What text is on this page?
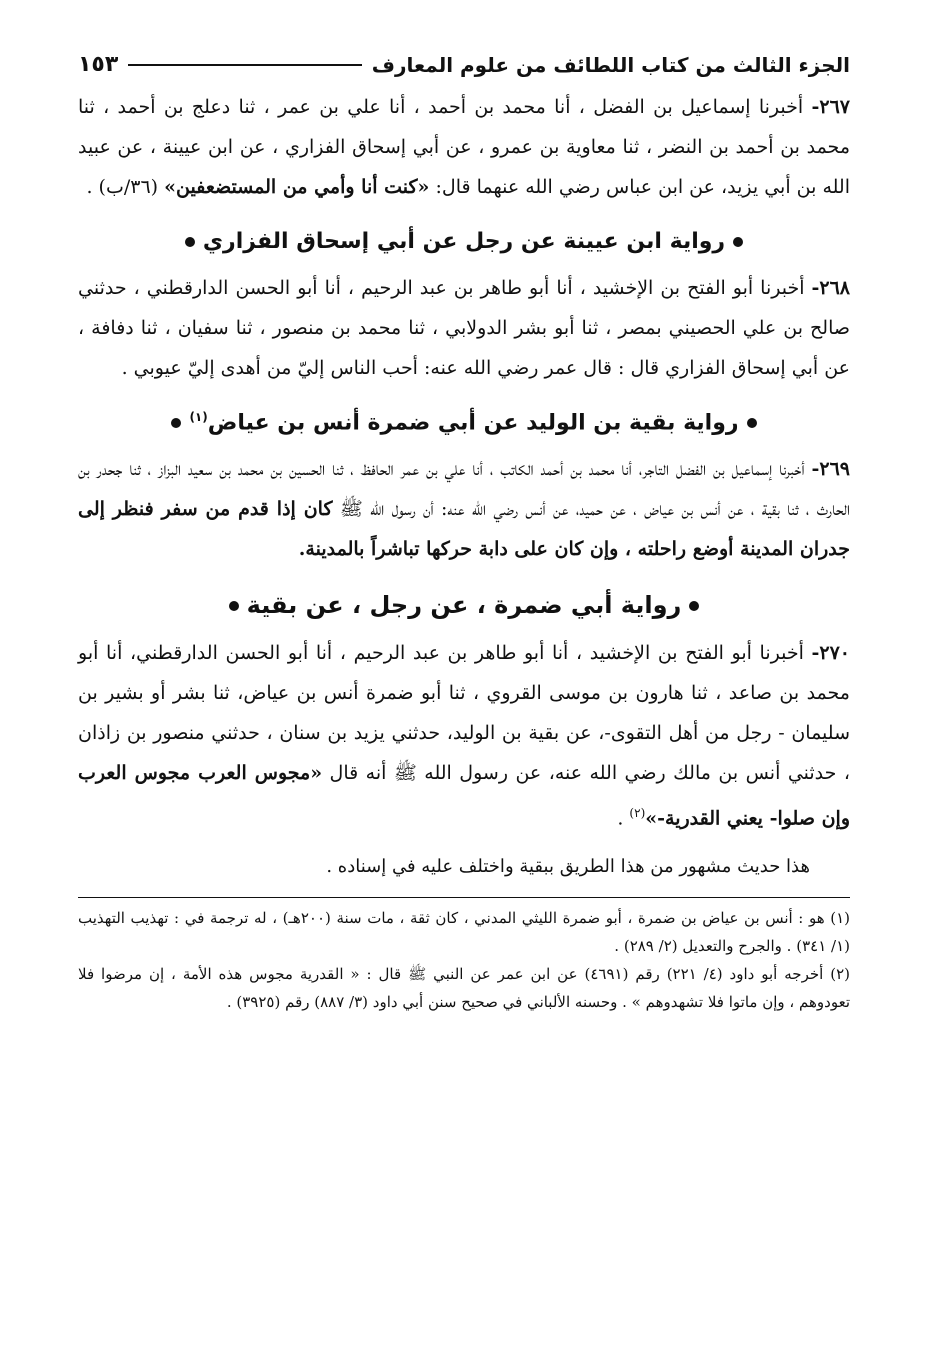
الجزء الثالث من كتاب اللطائف من علوم المعارف
١٥٣

٢٦٧- أخبرنا إسماعيل بن الفضل ، أنا محمد بن أحمد ، أنا علي بن عمر ، ثنا دعلج بن أحمد ، ثنا محمد بن أحمد بن النضر ، ثنا معاوية بن عمرو ، عن أبي إسحاق الفزاري ، عن ابن عيينة ، عن عبيد الله بن أبي يزيد، عن ابن عباس رضي الله عنهما قال: «كنت أنا وأمي من المستضعفين» (٣٦/ب) .

رواية ابن عيينة عن رجل عن أبي إسحاق الفزاري

٢٦٨- أخبرنا أبو الفتح بن الإخشيد ، أنا أبو طاهر بن عبد الرحيم ، أنا أبو الحسن الدارقطني ، حدثني صالح بن علي الحصيني بمصر ، ثنا أبو بشر الدولابي ، ثنا محمد بن منصور ، ثنا سفيان ، ثنا دفافة ، عن أبي إسحاق الفزاري قال : قال عمر رضي الله عنه: أحب الناس إليّ من أهدى إليّ عيوبي .

رواية بقية بن الوليد عن أبي ضمرة أنس بن عياض$^{(١)}$

٢٦٩- أخبرنا إسماعيل بن الفضل التاجر، أنا محمد بن أحمد الكاتب ، أنا علي بن عمر الحافظ ، ثنا الحسين بن محمد بن سعيد البزاز ، ثنا جحدر بن الحارث ، ثنا بقية ، عن أنس بن عياض ، عن حميد، عن أنس رضي الله عنه: أن رسول الله ﷺ كان إذا قدم من سفر فنظر إلى جدران المدينة أوضع راحلته ، وإن كان على دابة حركها تباشراً بالمدينة.

رواية أبي ضمرة ، عن رجل ، عن بقية

٢٧٠- أخبرنا أبو الفتح بن الإخشيد ، أنا أبو طاهر بن عبد الرحيم ، أنا أبو الحسن الدارقطني، أنا أبو محمد بن صاعد ، ثنا هارون بن موسى القروي ، ثنا أبو ضمرة أنس بن عياض، ثنا بشر أو بشير بن سليمان - رجل من أهل التقوى-، عن بقية بن الوليد، حدثني يزيد بن سنان ، حدثني منصور بن زاذان ، حدثني أنس بن مالك رضي الله عنه، عن رسول الله ﷺ أنه قال «مجوس العرب مجوس العرب وإن صلوا- يعني القدرية-»$^{(٢)}$ .

هذا حديث مشهور من هذا الطريق ببقية واختلف عليه في إسناده .

(١) هو : أنس بن عياض بن ضمرة ، أبو ضمرة الليثي المدني ، كان ثقة ، مات سنة (٢٠٠هـ) ، له ترجمة في : تهذيب التهذيب (١/ ٣٤١) . والجرح والتعديل (٢/ ٢٨٩) .

(٢) أخرجه أبو داود (٤/ ٢٢١) رقم (٤٦٩١) عن ابن عمر عن النبي ﷺ قال : « القدرية مجوس هذه الأمة ، إن مرضوا فلا تعودوهم ، وإن ماتوا فلا تشهدوهم » . وحسنه الألباني في صحيح سنن أبي داود (٣/ ٨٨٧) رقم (٣٩٢٥) .
